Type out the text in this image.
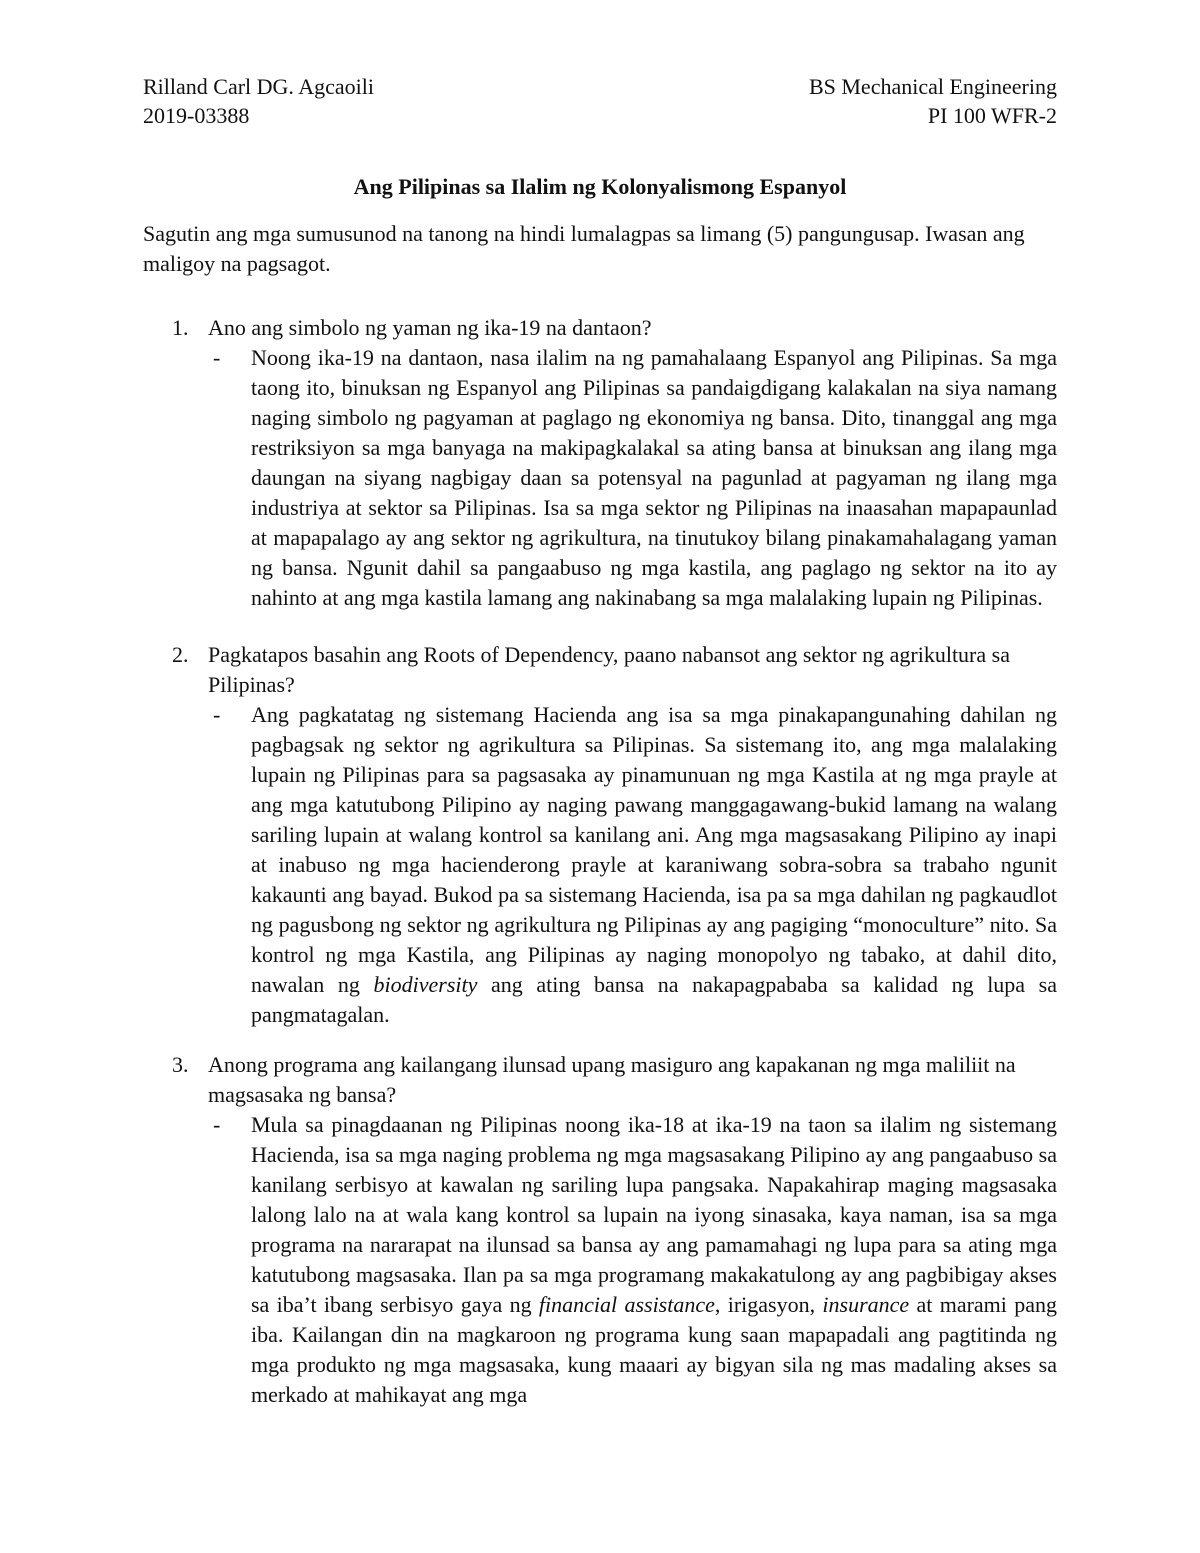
Rilland Carl DG. Agcaoili	BS Mechanical Engineering
2019-03388	PI 100 WFR-2
Ang Pilipinas sa Ilalim ng Kolonyalismong Espanyol

Sagutin ang mga sumusunod na tanong na hindi lumalagpas sa limang (5) pangungusap. Iwasan ang maligoy na pagsagot.

1. Ano ang simbolo ng yaman ng ika-19 na dantaon?
- Noong ika-19 na dantaon, nasa ilalim na ng pamahalaang Espanyol ang Pilipinas. Sa mga taong ito, binuksan ng Espanyol ang Pilipinas sa pandaigdigang kalakalan na siya namang naging simbolo ng pagyaman at paglago ng ekonomiya ng bansa. Dito, tinanggal ang mga restriksiyon sa mga banyaga na makipagkalakal sa ating bansa at binuksan ang ilang mga daungan na siyang nagbigay daan sa potensyal na pagunlad at pagyaman ng ilang mga industriya at sektor sa Pilipinas. Isa sa mga sektor ng Pilipinas na inaasahan mapapaunlad at mapapalago ay ang sektor ng agrikultura, na tinutukoy bilang pinakamahalagang yaman ng bansa. Ngunit dahil sa pangaabuso ng mga kastila, ang paglago ng sektor na ito ay nahinto at ang mga kastila lamang ang nakinabang sa mga malalaking lupain ng Pilipinas.
2. Pagkatapos basahin ang Roots of Dependency, paano nabansot ang sektor ng agrikultura sa Pilipinas?
- Ang pagkatatag ng sistemang Hacienda ang isa sa mga pinakapangunahing dahilan ng pagbagsak ng sektor ng agrikultura sa Pilipinas. Sa sistemang ito, ang mga malalaking lupain ng Pilipinas para sa pagsasaka ay pinamunuan ng mga Kastila at ng mga prayle at ang mga katutubong Pilipino ay naging pawang manggagawang-bukid lamang na walang sariling lupain at walang kontrol sa kanilang ani. Ang mga magsasakang Pilipino ay inapi at inabuso ng mga hacienderong prayle at karaniwang sobra-sobra sa trabaho ngunit kakaunti ang bayad. Bukod pa sa sistemang Hacienda, isa pa sa mga dahilan ng pagkaudlot ng pagusbong ng sektor ng agrikultura ng Pilipinas ay ang pagiging “monoculture” nito. Sa kontrol ng mga Kastila, ang Pilipinas ay naging monopolyo ng tabako, at dahil dito, nawalan ng biodiversity ang ating bansa na nakapagpababa sa kalidad ng lupa sa pangmatagalan.
3. Anong programa ang kailangang ilunsad upang masiguro ang kapakanan ng mga maliliit na magsasaka ng bansa?
- Mula sa pinagdaanan ng Pilipinas noong ika-18 at ika-19 na taon sa ilalim ng sistemang Hacienda, isa sa mga naging problema ng mga magsasakang Pilipino ay ang pangaabuso sa kanilang serbisyo at kawalan ng sariling lupa pangsaka. Napakahirap maging magsasaka lalong lalo na at wala kang kontrol sa lupain na iyong sinasaka, kaya naman, isa sa mga programa na nararapat na ilunsad sa bansa ay ang pamamahagi ng lupa para sa ating mga katutubong magsasaka. Ilan pa sa mga programang makakatulong ay ang pagbibigay akses sa iba’t ibang serbisyo gaya ng financial assistance, irigasyon, insurance at marami pang iba. Kailangan din na magkaroon ng programa kung saan mapapadali ang pagtitinda ng mga produkto ng mga magsasaka, kung maaari ay bigyan sila ng mas madaling akses sa merkado at mahikayat ang mga
